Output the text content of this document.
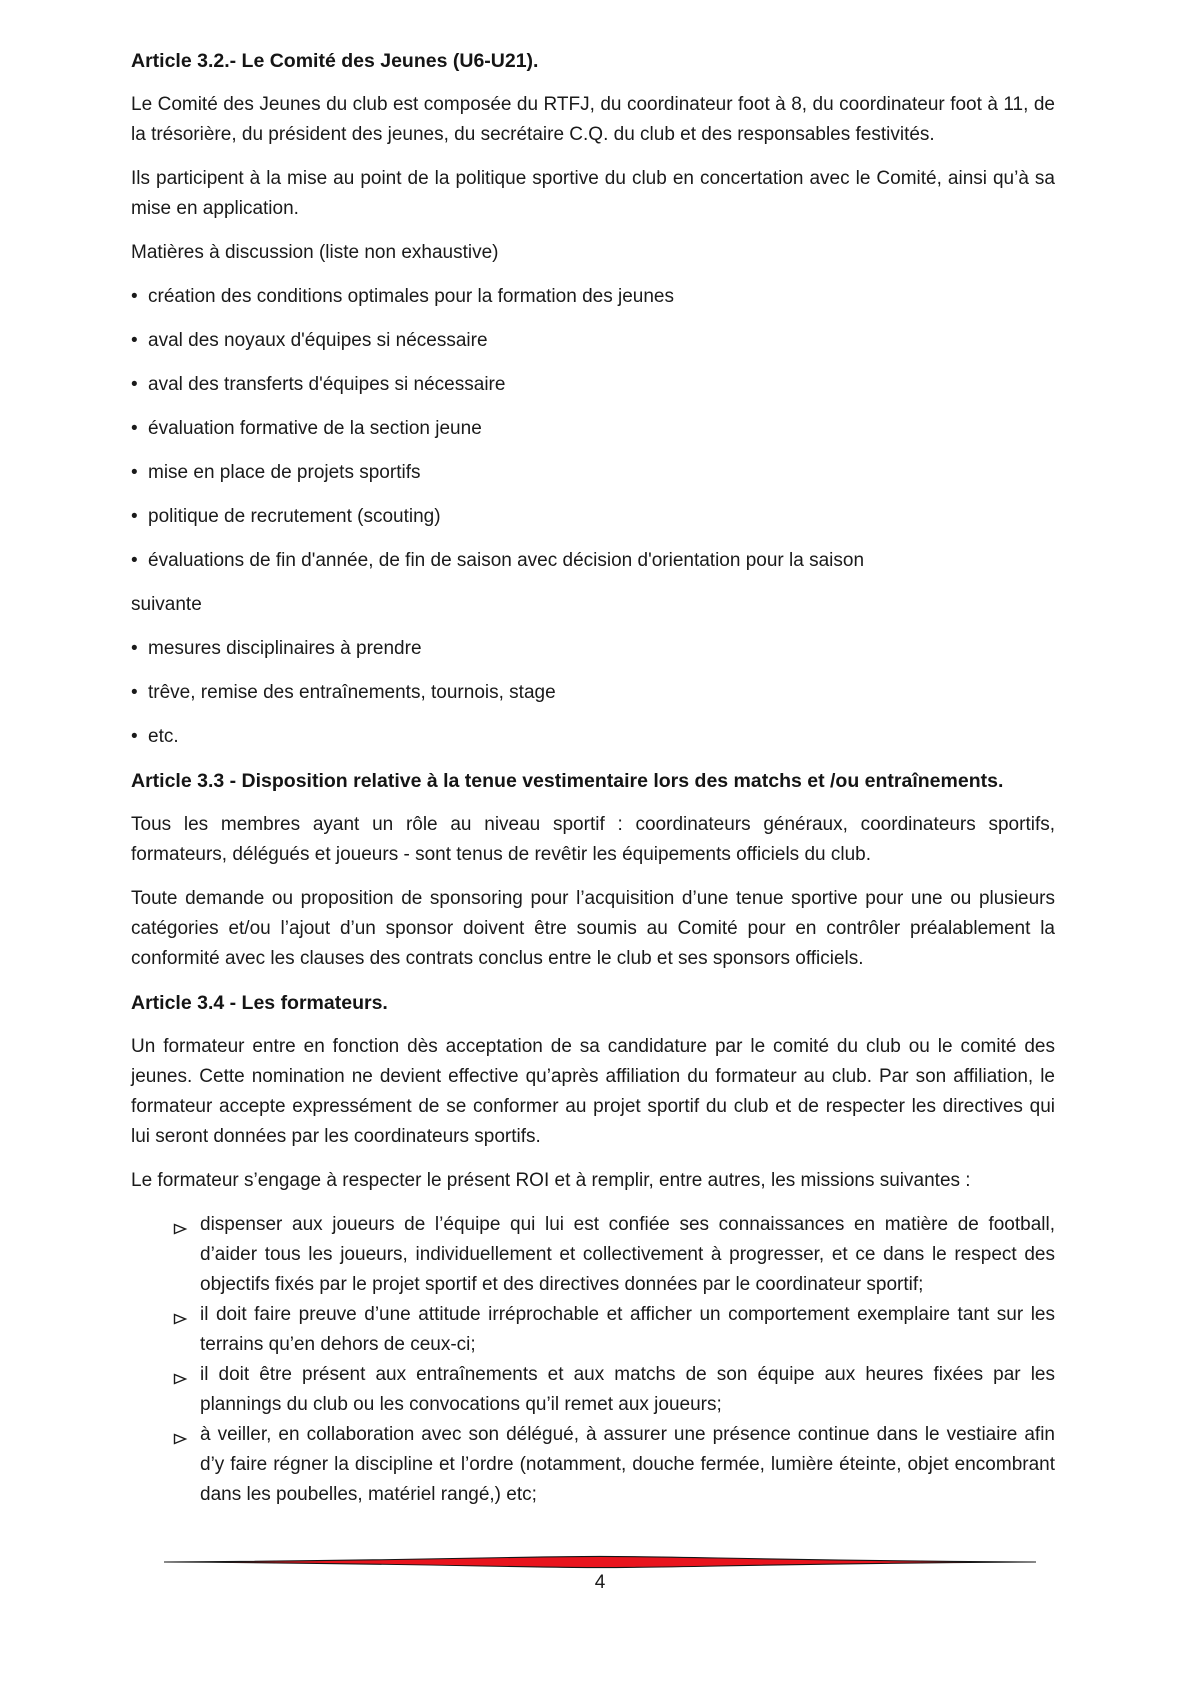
Article 3.2.- Le Comité des Jeunes (U6-U21).

Le Comité des Jeunes du club est composée du RTFJ, du coordinateur foot à 8, du coordinateur foot à 11, de la trésorière, du président des jeunes, du secrétaire C.Q. du club et des responsables festivités.

Ils participent à la mise au point de la politique sportive du club en concertation avec le Comité, ainsi qu’à sa mise en application.

Matières à discussion (liste non exhaustive)

• création des conditions optimales pour la formation des jeunes

• aval des noyaux d'équipes si nécessaire

• aval des transferts d'équipes si nécessaire

• évaluation formative de la section jeune

• mise en place de projets sportifs

• politique de recrutement (scouting)

• évaluations de fin d'année, de fin de saison avec décision d'orientation pour la saison

suivante

• mesures disciplinaires à prendre

• trêve, remise des entraînements, tournois, stage

• etc.

Article 3.3 - Disposition relative à la tenue vestimentaire lors des matchs et /ou entraînements.

Tous les membres ayant un rôle au niveau sportif : coordinateurs généraux, coordinateurs sportifs, formateurs, délégués et joueurs - sont tenus de revêtir les équipements officiels du club.

Toute demande ou proposition de sponsoring pour l’acquisition d’une tenue sportive pour une ou plusieurs catégories et/ou l’ajout d’un sponsor doivent être soumis au Comité pour en contrôler préalablement la conformité avec les clauses des contrats conclus entre le club et ses sponsors officiels.

Article 3.4 - Les formateurs.

Un formateur entre en fonction dès acceptation de sa candidature par le comité du club ou le comité des jeunes. Cette nomination ne devient effective qu’après affiliation du formateur au club. Par son affiliation, le formateur accepte expressément de se conformer au projet sportif du club et de respecter les directives qui lui seront données par les coordinateurs sportifs.

Le formateur s’engage à respecter le présent ROI et à remplir, entre autres, les missions suivantes :

dispenser aux joueurs de l’équipe qui lui est confiée ses connaissances en matière de football, d’aider tous les joueurs, individuellement et collectivement à progresser, et ce dans le respect des objectifs fixés par le projet sportif et des directives données par le coordinateur sportif;
il doit faire preuve d’une attitude irréprochable et afficher un comportement exemplaire tant sur les terrains qu’en dehors de ceux-ci;
il doit être présent aux entraînements et aux matchs de son équipe aux heures fixées par les plannings du club ou les convocations qu’il remet aux joueurs;
à veiller, en collaboration avec son délégué, à assurer une présence continue dans le vestiaire afin d’y faire régner la discipline et l’ordre (notamment, douche fermée, lumière éteinte, objet encombrant dans les poubelles, matériel rangé,) etc;
4
